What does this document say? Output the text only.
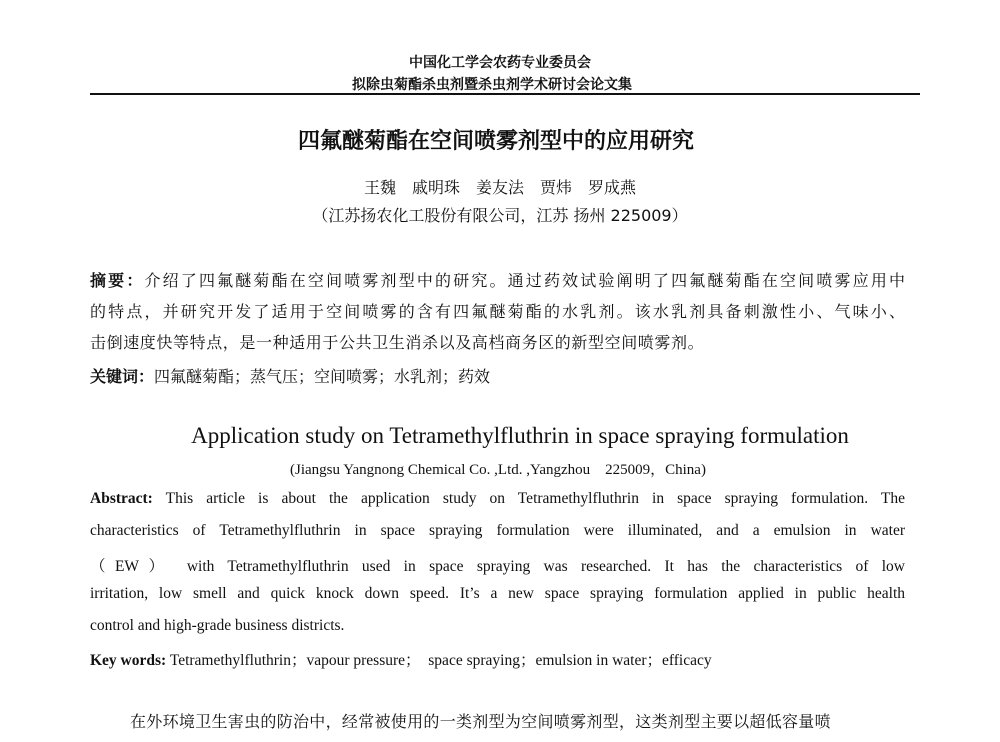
中国化工学会农药专业委员会
拟除虫菊酯杀虫剂暨杀虫剂学术研讨会论文集
四氟醚菊酯在空间喷雾剂型中的应用研究
王魏　戚明珠　姜友法　贾炜　罗成燕
（江苏扬农化工股份有限公司，江苏 扬州 225009）
摘要：介绍了四氟醚菊酯在空间喷雾剂型中的研究。通过药效试验阐明了四氟醚菊酯在空间喷雾应用中
的特点，并研究开发了适用于空间喷雾的含有四氟醚菊酯的水乳剂。该水乳剂具备刺激性小、气味小、
击倒速度快等特点，是一种适用于公共卫生消杀以及高档商务区的新型空间喷雾剂。
关键词：四氟醚菊酯；蒸气压；空间喷雾；水乳剂；药效
Application study on Tetramethylfluthrin in space spraying formulation
(Jiangsu Yangnong Chemical Co. ,Ltd. ,Yangzhou　225009，China)
Abstract: This article is about the application study on Tetramethylfluthrin in space spraying formulation. The
characteristics of Tetramethylfluthrin in space spraying formulation were illuminated, and a emulsion in water
（EW） with Tetramethylfluthrin used in space spraying was researched. It has the characteristics of low
irritation, low smell and quick knock down speed. It’s a new space spraying formulation applied in public health
control and high-grade business districts.
Key words: Tetramethylfluthrin；vapour pressure；　space spraying；emulsion in water；efficacy
在外环境卫生害虫的防治中，经常被使用的一类剂型为空间喷雾剂型，这类剂型主要以超低容量喷
